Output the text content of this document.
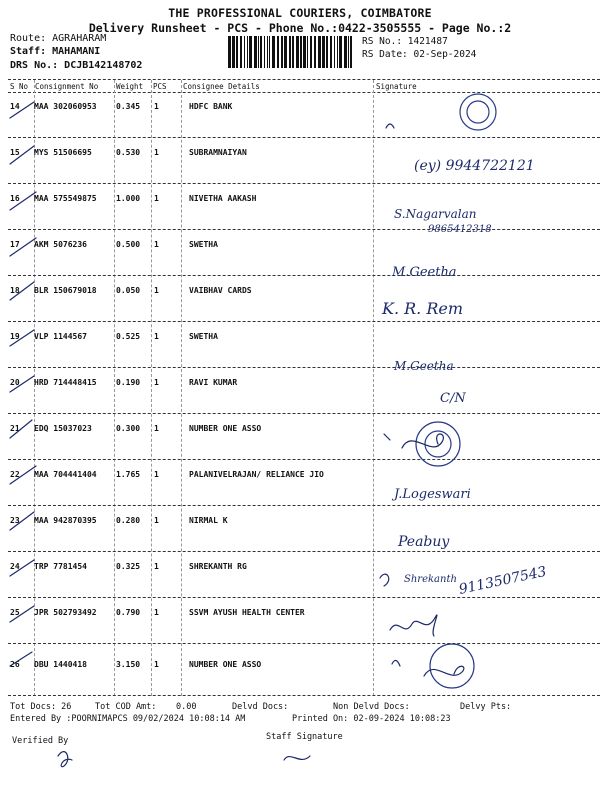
THE PROFESSIONAL COURIERS, COIMBATORE
Delivery Runsheet - PCS - Phone No.:0422-3505555 - Page No.:2
Route: AGRAHARAM
Staff: MAHAMANI
DRS No.: DCJB142148702
RS No.: 1421487
RS Date: 02-Sep-2024
S No Consignment No Weight PCS Consignee Details	Signature
14 MAA 302060953 0.345 1	HDFC BANK
15 MYS 51506695	0.530 1	SUBRAMNAIYAN
16 MAA 575549875 1.000 1	NIVETHA AAKASH
17 AKM 5076236	0.500 1	SWETHA
18 BLR 150679018 0.050 1	VAIBHAV CARDS
19 VLP 1144567	0.525 1	SWETHA
20 HRD 714448415 0.190 1	RAVI KUMAR
21 EDQ 15037023	0.300 1	NUMBER ONE ASSO
22 MAA 704441404 1.765 1	PALANIVELRAJAN/ RELIANCE JIO
23 MAA 942870395 0.280 1	NIRMAL K
24 TRP 7781454	0.325 1	SHREKANTH RG
25 JPR 502793492 0.790 1	SSVM AYUSH HEALTH CENTER
26 DBU 1440418	3.150 1	NUMBER ONE ASSO
(ey) 9944722121
S.Nagarvalan
9865412318
M.Geetha
K. R. Rem
M.Geetha
C/N
J.Logeswari
Peabuy
Shrekanth 9113507543
Tot Docs: 26	Tot COD Amt: 0.00	Delvd Docs:	Non Delvd Docs:	Delvy Pts:
Entered By :POORNIMAPCS 09/02/2024 10:08:14 AM	Printed On: 02-09-2024 10:08:23
Verified By	Staff Signature
